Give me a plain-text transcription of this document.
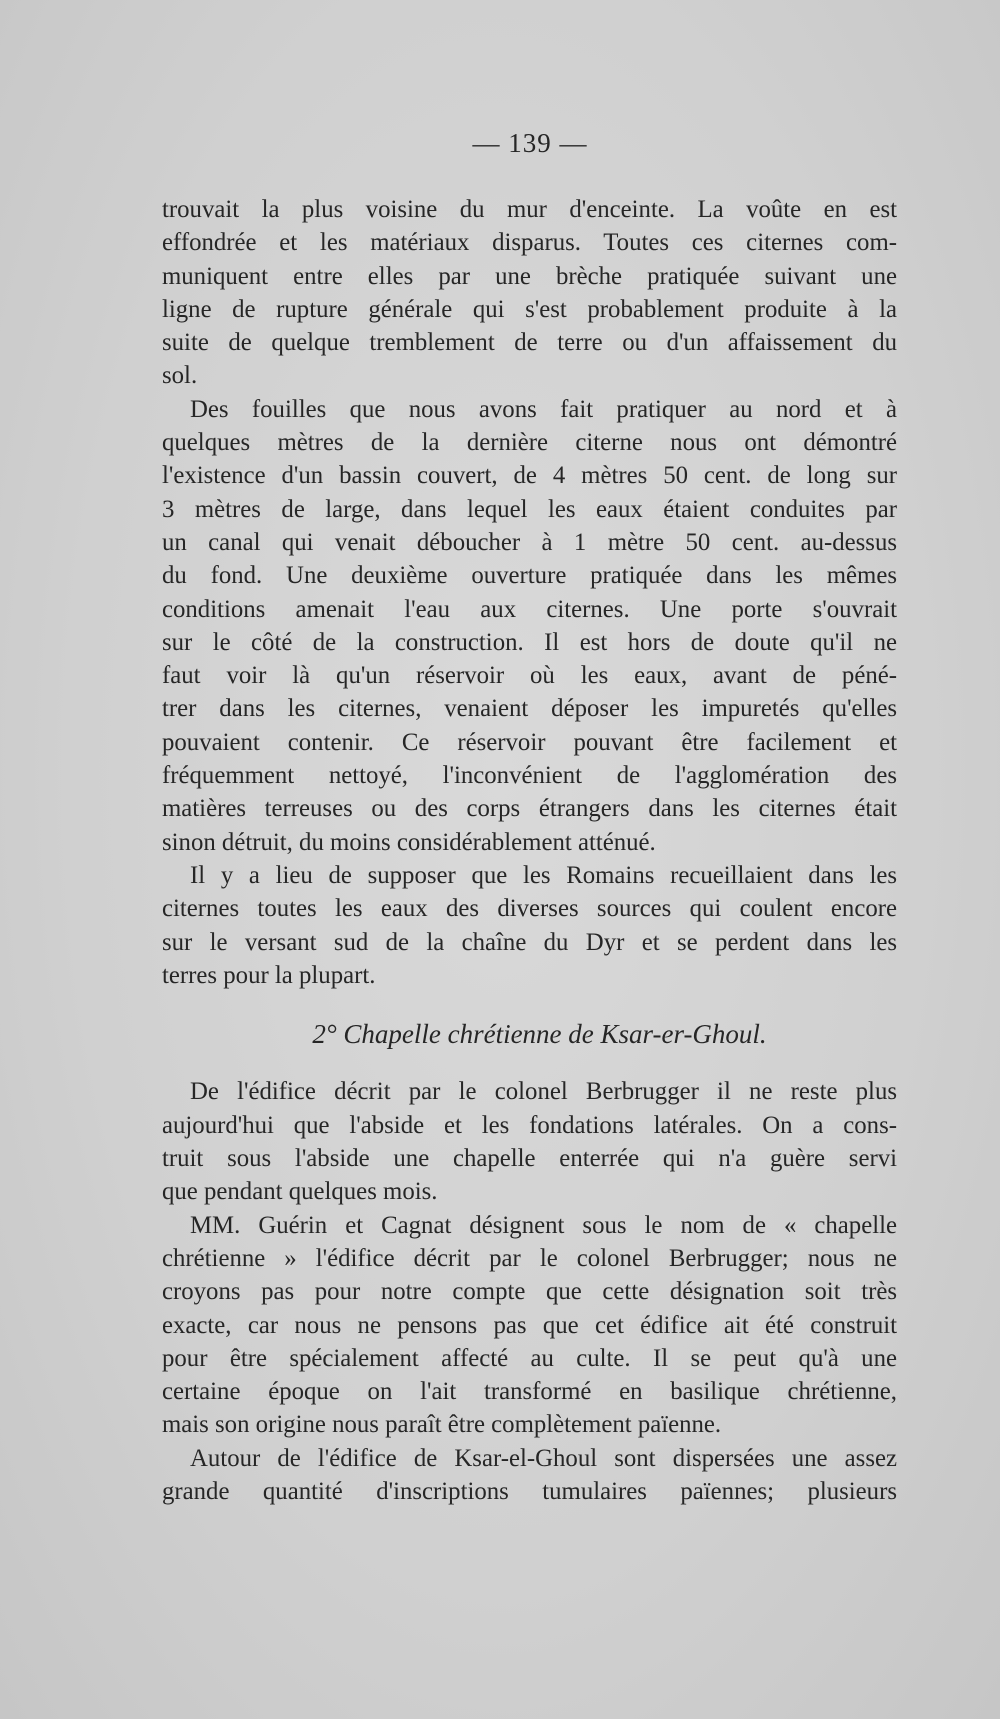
— 139 —
trouvait la plus voisine du mur d'enceinte. La voûte en est
effondrée et les matériaux disparus. Toutes ces citernes com-
muniquent entre elles par une brèche pratiquée suivant une
ligne de rupture générale qui s'est probablement produite à la
suite de quelque tremblement de terre ou d'un affaissement du
sol.
Des fouilles que nous avons fait pratiquer au nord et à
quelques mètres de la dernière citerne nous ont démontré
l'existence d'un bassin couvert, de 4 mètres 50 cent. de long sur
3 mètres de large, dans lequel les eaux étaient conduites par
un canal qui venait déboucher à 1 mètre 50 cent. au-dessus
du fond. Une deuxième ouverture pratiquée dans les mêmes
conditions amenait l'eau aux citernes. Une porte s'ouvrait
sur le côté de la construction. Il est hors de doute qu'il ne
faut voir là qu'un réservoir où les eaux, avant de péné-
trer dans les citernes, venaient déposer les impuretés qu'elles
pouvaient contenir. Ce réservoir pouvant être facilement et
fréquemment nettoyé, l'inconvénient de l'agglomération des
matières terreuses ou des corps étrangers dans les citernes était
sinon détruit, du moins considérablement atténué.
Il y a lieu de supposer que les Romains recueillaient dans les
citernes toutes les eaux des diverses sources qui coulent encore
sur le versant sud de la chaîne du Dyr et se perdent dans les
terres pour la plupart.
2° Chapelle chrétienne de Ksar-er-Ghoul.
De l'édifice décrit par le colonel Berbrugger il ne reste plus
aujourd'hui que l'abside et les fondations latérales. On a cons-
truit sous l'abside une chapelle enterrée qui n'a guère servi
que pendant quelques mois.
MM. Guérin et Cagnat désignent sous le nom de « chapelle
chrétienne » l'édifice décrit par le colonel Berbrugger; nous ne
croyons pas pour notre compte que cette désignation soit très
exacte, car nous ne pensons pas que cet édifice ait été construit
pour être spécialement affecté au culte. Il se peut qu'à une
certaine époque on l'ait transformé en basilique chrétienne,
mais son origine nous paraît être complètement païenne.
Autour de l'édifice de Ksar-el-Ghoul sont dispersées une assez
grande quantité d'inscriptions tumulaires païennes; plusieurs
